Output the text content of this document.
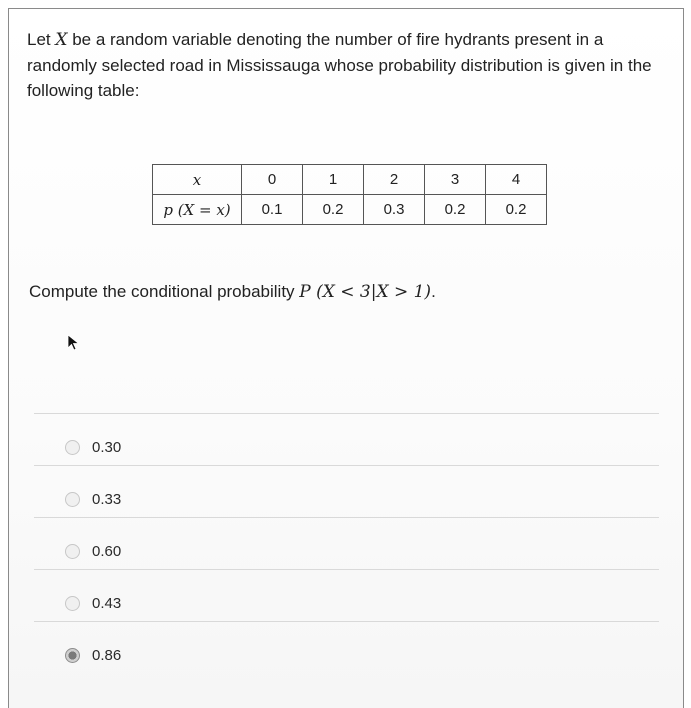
Let X be a random variable denoting the number of fire hydrants present in a randomly selected road in Mississauga whose probability distribution is given in the following table:
x	0	1	2	3	4
p (X = x)	0.1	0.2	0.3	0.2	0.2
Compute the conditional probability P (X < 3|X > 1).
0.30
0.33
0.60
0.43
0.86
